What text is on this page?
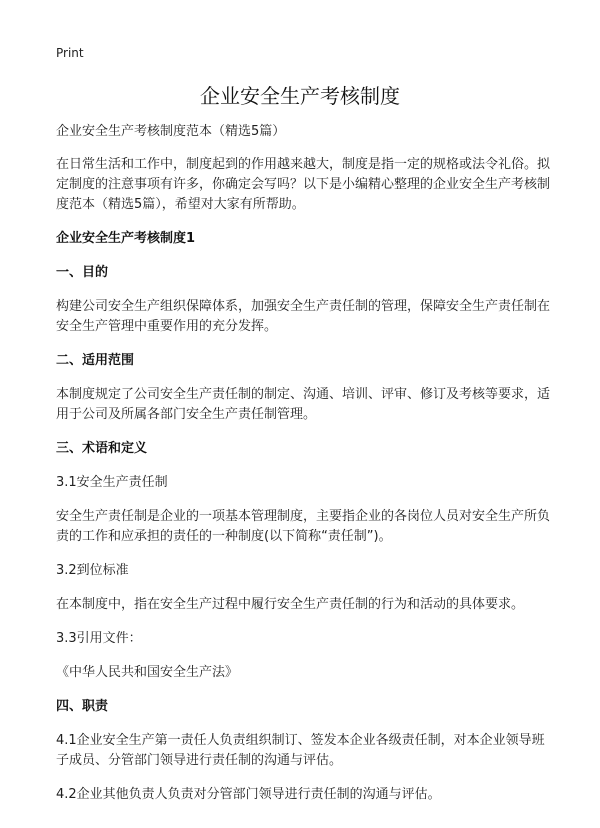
Print
企业安全生产考核制度

企业安全生产考核制度范本（精选5篇）

在日常生活和工作中，制度起到的作用越来越大，制度是指一定的规格或法令礼俗。拟定制度的注意事项有许多，你确定会写吗？以下是小编精心整理的企业安全生产考核制度范本（精选5篇），希望对大家有所帮助。

企业安全生产考核制度1

一、目的

构建公司安全生产组织保障体系，加强安全生产责任制的管理，保障安全生产责任制在安全生产管理中重要作用的充分发挥。

二、适用范围

本制度规定了公司安全生产责任制的制定、沟通、培训、评审、修订及考核等要求，适用于公司及所属各部门安全生产责任制管理。

三、术语和定义

3.1安全生产责任制

安全生产责任制是企业的一项基本管理制度，主要指企业的各岗位人员对安全生产所负责的工作和应承担的责任的一种制度(以下简称“责任制”)。

3.2到位标准

在本制度中，指在安全生产过程中履行安全生产责任制的行为和活动的具体要求。

3.3引用文件：

《中华人民共和国安全生产法》

四、职责

4.1企业安全生产第一责任人负责组织制订、签发本企业各级责任制，对本企业领导班子成员、分管部门领导进行责任制的沟通与评估。

4.2企业其他负责人负责对分管部门领导进行责任制的沟通与评估。
